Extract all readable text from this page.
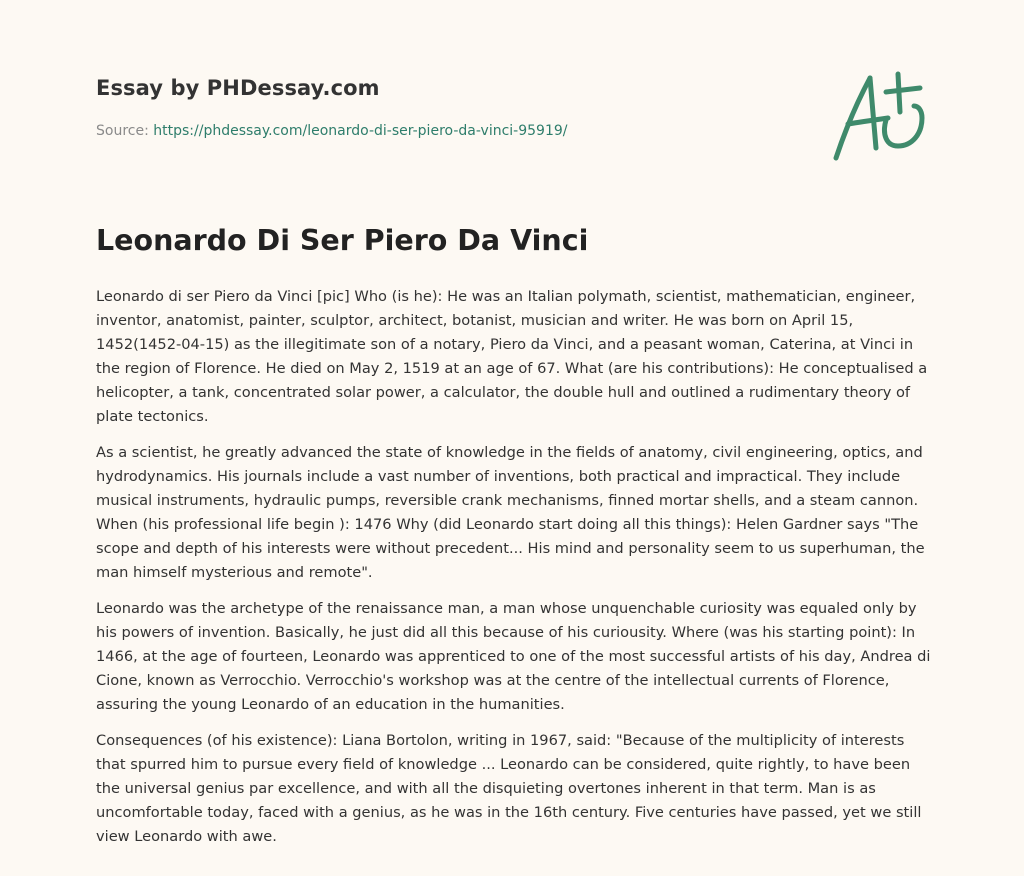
Essay by PHDessay.com
Source: https://phdessay.com/leonardo-di-ser-piero-da-vinci-95919/
Leonardo Di Ser Piero Da Vinci

Leonardo di ser Piero da Vinci [pic] Who (is he): He was an Italian polymath, scientist, mathematician, engineer, inventor, anatomist, painter, sculptor, architect, botanist, musician and writer. He was born on April 15, 1452(1452-04-15) as the illegitimate son of a notary, Piero da Vinci, and a peasant woman, Caterina, at Vinci in the region of Florence. He died on May 2, 1519 at an age of 67. What (are his contributions): He conceptualised a helicopter, a tank, concentrated solar power, a calculator, the double hull and outlined a rudimentary theory of plate tectonics.

As a scientist, he greatly advanced the state of knowledge in the fields of anatomy, civil engineering, optics, and hydrodynamics. His journals include a vast number of inventions, both practical and impractical. They include musical instruments, hydraulic pumps, reversible crank mechanisms, finned mortar shells, and a steam cannon. When (his professional life begin ): 1476 Why (did Leonardo start doing all this things): Helen Gardner says "The scope and depth of his interests were without precedent... His mind and personality seem to us superhuman, the man himself mysterious and remote".

Leonardo was the archetype of the renaissance man, a man whose unquenchable curiosity was equaled only by his powers of invention. Basically, he just did all this because of his curiousity. Where (was his starting point): In 1466, at the age of fourteen, Leonardo was apprenticed to one of the most successful artists of his day, Andrea di Cione, known as Verrocchio. Verrocchio's workshop was at the centre of the intellectual currents of Florence, assuring the young Leonardo of an education in the humanities.

Consequences (of his existence): Liana Bortolon, writing in 1967, said: "Because of the multiplicity of interests that spurred him to pursue every field of knowledge ... Leonardo can be considered, quite rightly, to have been the universal genius par excellence, and with all the disquieting overtones inherent in that term. Man is as uncomfortable today, faced with a genius, as he was in the 16th century. Five centuries have passed, yet we still view Leonardo with awe.
